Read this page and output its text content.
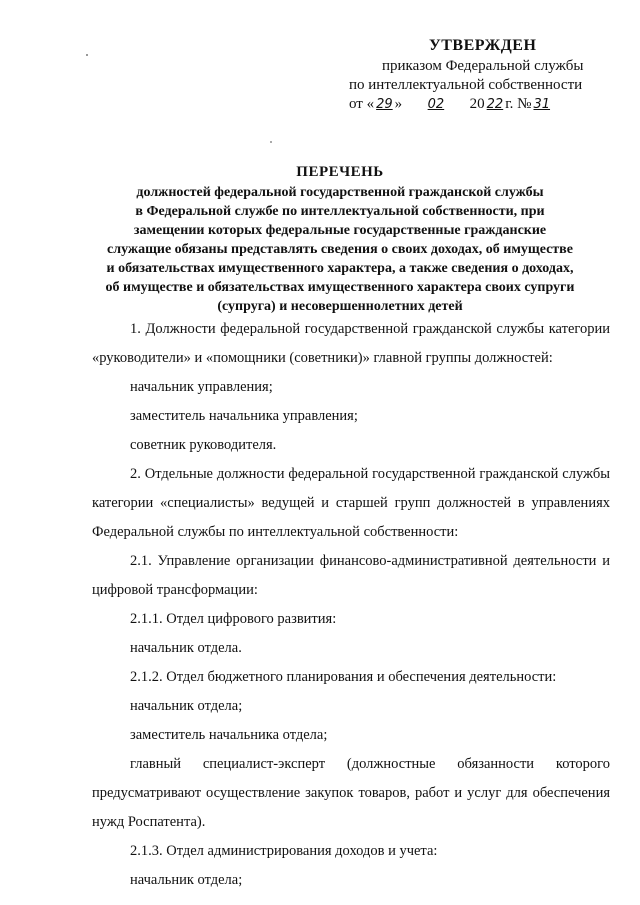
УТВЕРЖДЕН
приказом Федеральной службы
по интеллектуальной собственности
от « 29 » 02 20 22 г. № 31
ПЕРЕЧЕНЬ
должностей федеральной государственной гражданской службы
в Федеральной службе по интеллектуальной собственности, при
замещении которых федеральные государственные гражданские
служащие обязаны представлять сведения о своих доходах, об имуществе
и обязательствах имущественного характера, а также сведения о доходах,
об имуществе и обязательствах имущественного характера своих супруги
(супруга) и несовершеннолетних детей

1. Должности федеральной государственной гражданской службы категории «руководители» и «помощники (советники)» главной группы должностей:

начальник управления;

заместитель начальника управления;

советник руководителя.

2. Отдельные должности федеральной государственной гражданской службы категории «специалисты» ведущей и старшей групп должностей в управлениях Федеральной службы по интеллектуальной собственности:

2.1. Управление организации финансово-административной деятельности и цифровой трансформации:

2.1.1. Отдел цифрового развития:

начальник отдела.

2.1.2. Отдел бюджетного планирования и обеспечения деятельности:

начальник отдела;

заместитель начальника отдела;

главный специалист-эксперт (должностные обязанности которого предусматривают осуществление закупок товаров, работ и услуг для обеспечения нужд Роспатента).

2.1.3. Отдел администрирования доходов и учета:

начальник отдела;
